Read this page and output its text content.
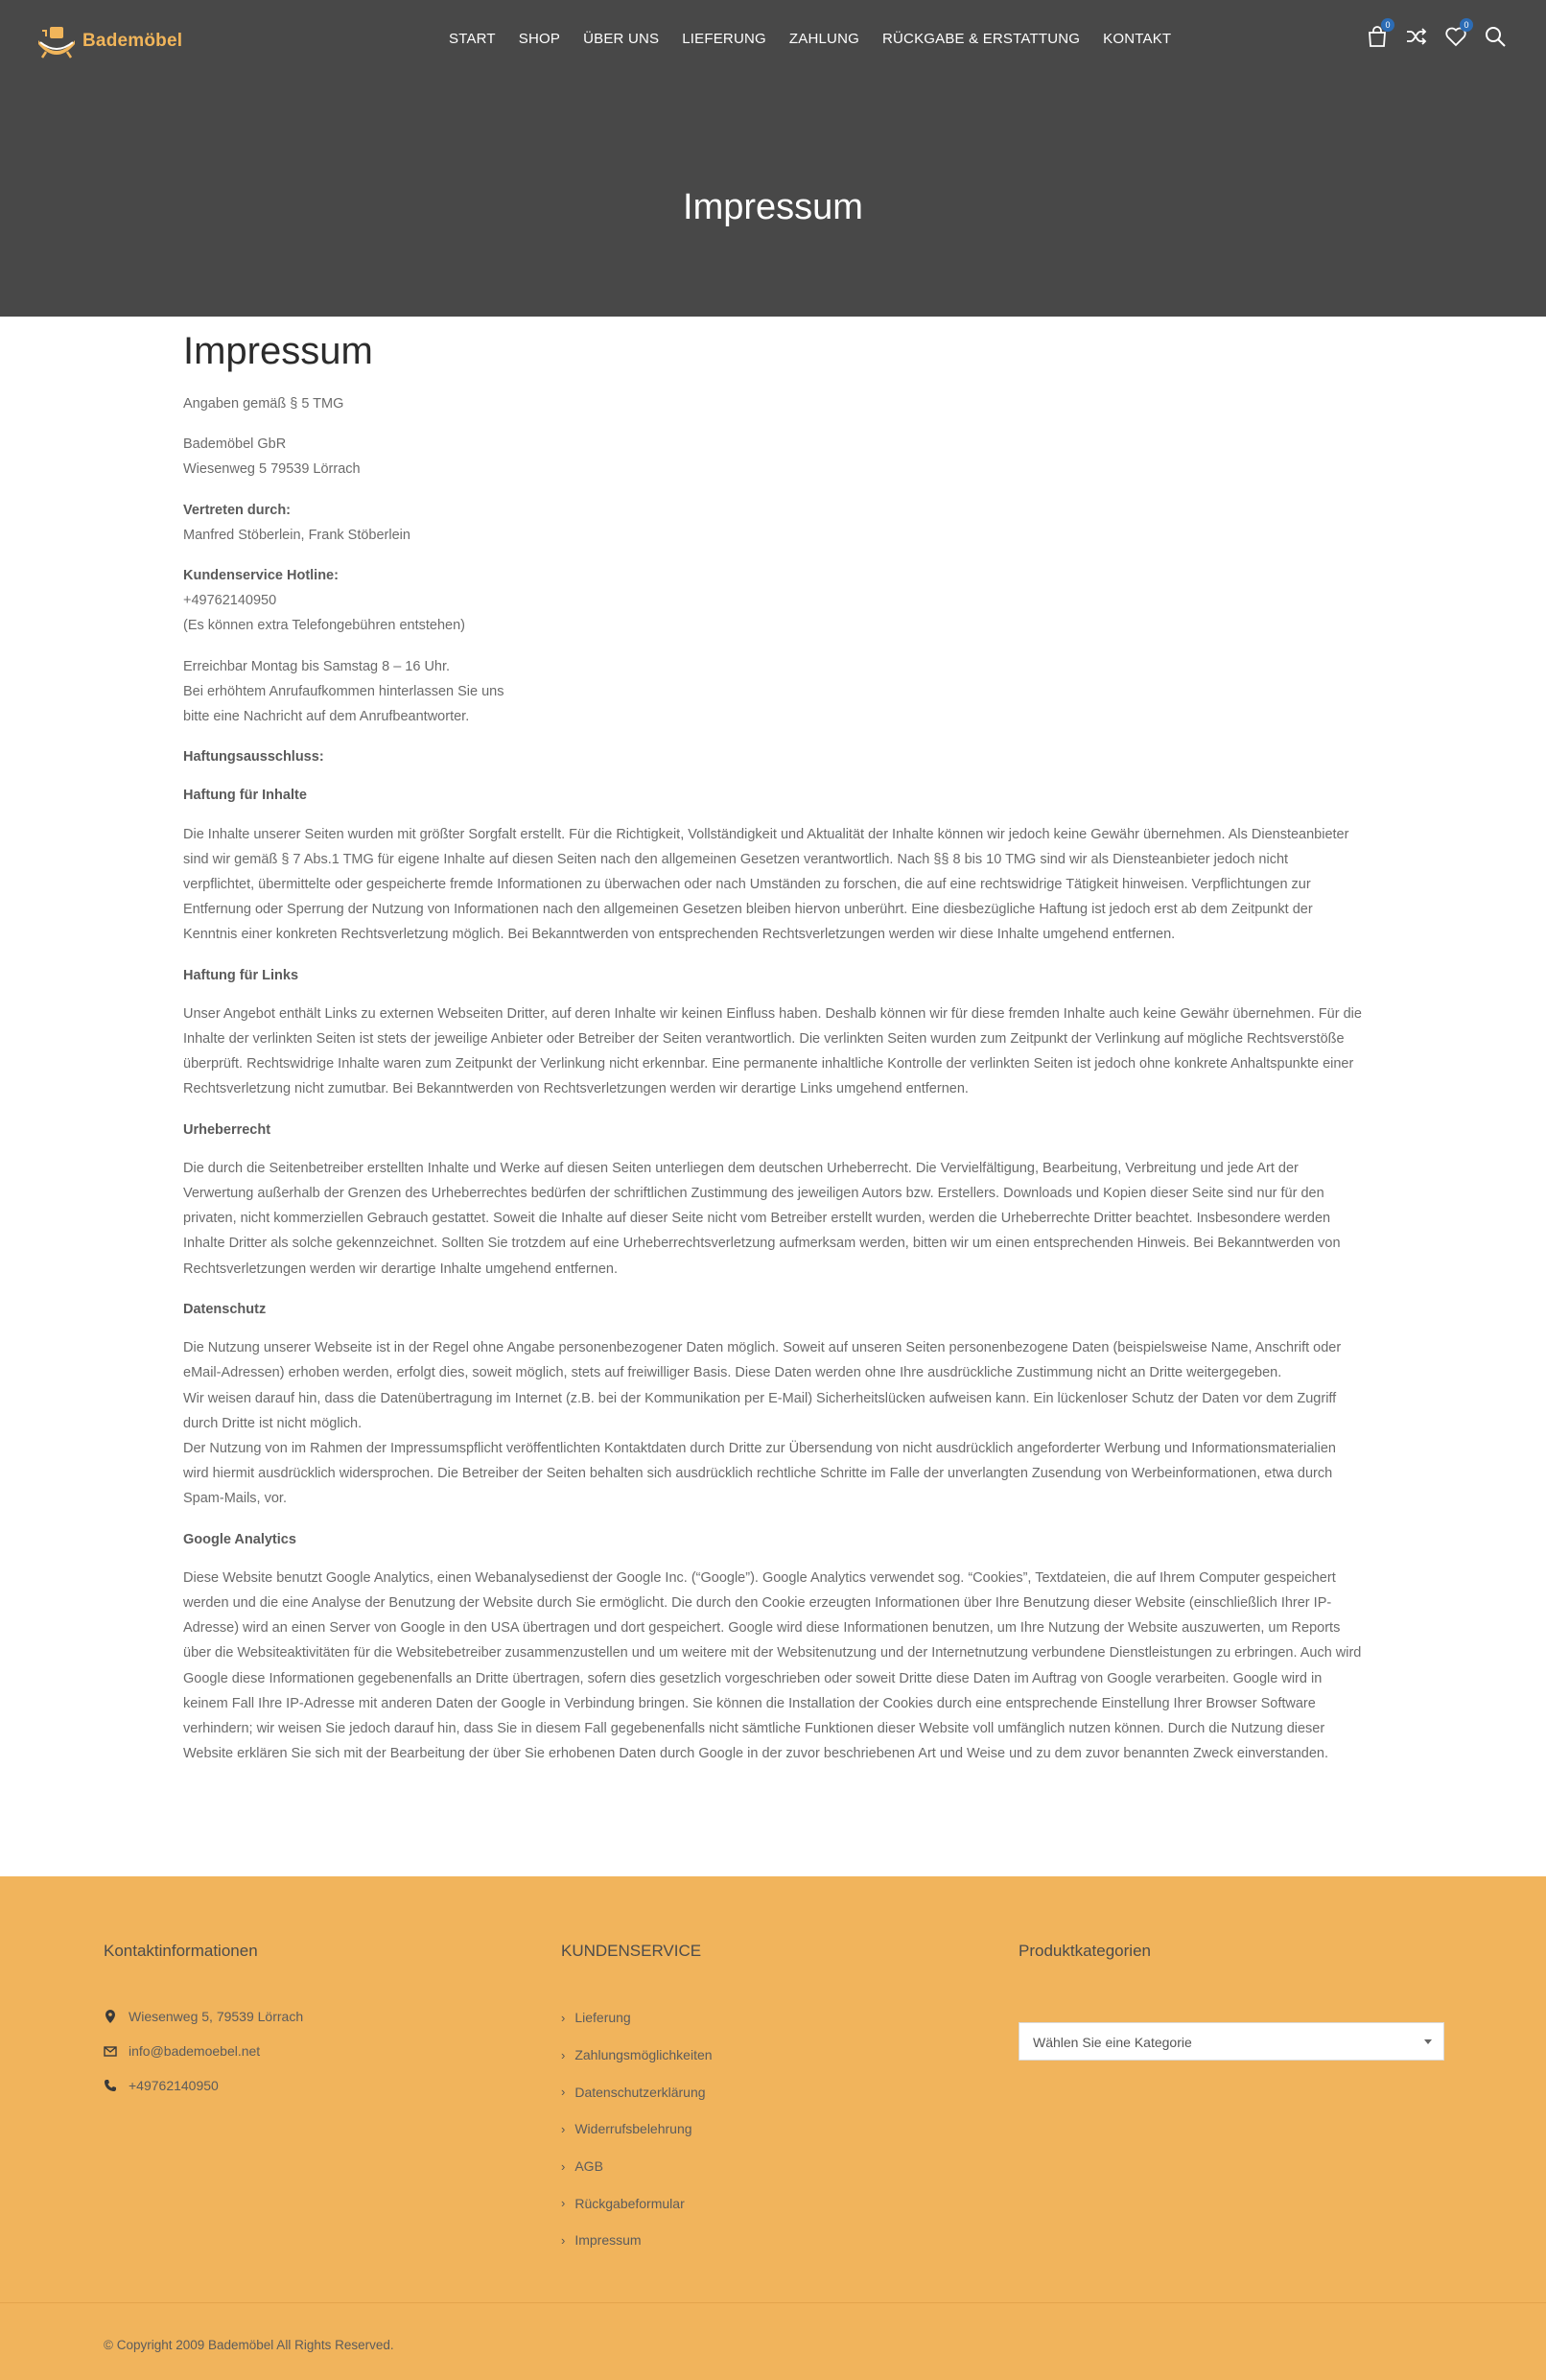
Bademöbel	START SHOP ÜBER UNS LIEFERUNG ZAHLUNG RÜCKGABE & ERSTATTUNG KONTAKT
0	0
Impressum
Impressum

Angaben gemäß § 5 TMG

Bademöbel GbR
Wiesenweg 5 79539 Lörrach

Vertreten durch:
Manfred Stöberlein, Frank Stöberlein

Kundenservice Hotline:
+49762140950
(Es können extra Telefongebühren entstehen)

Erreichbar Montag bis Samstag 8 – 16 Uhr.
Bei erhöhtem Anrufaufkommen hinterlassen Sie uns
bitte eine Nachricht auf dem Anrufbeantworter.

Haftungsausschluss:

Haftung für Inhalte

Die Inhalte unserer Seiten wurden mit größter Sorgfalt erstellt. Für die Richtigkeit, Vollständigkeit und Aktualität der Inhalte können wir jedoch keine Gewähr übernehmen. Als Diensteanbieter sind wir gemäß § 7 Abs.1 TMG für eigene Inhalte auf diesen Seiten nach den allgemeinen Gesetzen verantwortlich. Nach §§ 8 bis 10 TMG sind wir als Diensteanbieter jedoch nicht verpflichtet, übermittelte oder gespeicherte fremde Informationen zu überwachen oder nach Umständen zu forschen, die auf eine rechtswidrige Tätigkeit hinweisen. Verpflichtungen zur Entfernung oder Sperrung der Nutzung von Informationen nach den allgemeinen Gesetzen bleiben hiervon unberührt. Eine diesbezügliche Haftung ist jedoch erst ab dem Zeitpunkt der Kenntnis einer konkreten Rechtsverletzung möglich. Bei Bekanntwerden von entsprechenden Rechtsverletzungen werden wir diese Inhalte umgehend entfernen.

Haftung für Links

Unser Angebot enthält Links zu externen Webseiten Dritter, auf deren Inhalte wir keinen Einfluss haben. Deshalb können wir für diese fremden Inhalte auch keine Gewähr übernehmen. Für die Inhalte der verlinkten Seiten ist stets der jeweilige Anbieter oder Betreiber der Seiten verantwortlich. Die verlinkten Seiten wurden zum Zeitpunkt der Verlinkung auf mögliche Rechtsverstöße überprüft. Rechtswidrige Inhalte waren zum Zeitpunkt der Verlinkung nicht erkennbar. Eine permanente inhaltliche Kontrolle der verlinkten Seiten ist jedoch ohne konkrete Anhaltspunkte einer Rechtsverletzung nicht zumutbar. Bei Bekanntwerden von Rechtsverletzungen werden wir derartige Links umgehend entfernen.

Urheberrecht

Die durch die Seitenbetreiber erstellten Inhalte und Werke auf diesen Seiten unterliegen dem deutschen Urheberrecht. Die Vervielfältigung, Bearbeitung, Verbreitung und jede Art der Verwertung außerhalb der Grenzen des Urheberrechtes bedürfen der schriftlichen Zustimmung des jeweiligen Autors bzw. Erstellers. Downloads und Kopien dieser Seite sind nur für den privaten, nicht kommerziellen Gebrauch gestattet. Soweit die Inhalte auf dieser Seite nicht vom Betreiber erstellt wurden, werden die Urheberrechte Dritter beachtet. Insbesondere werden Inhalte Dritter als solche gekennzeichnet. Sollten Sie trotzdem auf eine Urheberrechtsverletzung aufmerksam werden, bitten wir um einen entsprechenden Hinweis. Bei Bekanntwerden von Rechtsverletzungen werden wir derartige Inhalte umgehend entfernen.

Datenschutz

Die Nutzung unserer Webseite ist in der Regel ohne Angabe personenbezogener Daten möglich. Soweit auf unseren Seiten personenbezogene Daten (beispielsweise Name, Anschrift oder eMail-Adressen) erhoben werden, erfolgt dies, soweit möglich, stets auf freiwilliger Basis. Diese Daten werden ohne Ihre ausdrückliche Zustimmung nicht an Dritte weitergegeben.
Wir weisen darauf hin, dass die Datenübertragung im Internet (z.B. bei der Kommunikation per E-Mail) Sicherheitslücken aufweisen kann. Ein lückenloser Schutz der Daten vor dem Zugriff durch Dritte ist nicht möglich.
Der Nutzung von im Rahmen der Impressumspflicht veröffentlichten Kontaktdaten durch Dritte zur Übersendung von nicht ausdrücklich angeforderter Werbung und Informationsmaterialien wird hiermit ausdrücklich widersprochen. Die Betreiber der Seiten behalten sich ausdrücklich rechtliche Schritte im Falle der unverlangten Zusendung von Werbeinformationen, etwa durch Spam-Mails, vor.

Google Analytics

Diese Website benutzt Google Analytics, einen Webanalysedienst der Google Inc. (“Google”). Google Analytics verwendet sog. “Cookies”, Textdateien, die auf Ihrem Computer gespeichert werden und die eine Analyse der Benutzung der Website durch Sie ermöglicht. Die durch den Cookie erzeugten Informationen über Ihre Benutzung dieser Website (einschließlich Ihrer IP-Adresse) wird an einen Server von Google in den USA übertragen und dort gespeichert. Google wird diese Informationen benutzen, um Ihre Nutzung der Website auszuwerten, um Reports über die Websiteaktivitäten für die Websitebetreiber zusammenzustellen und um weitere mit der Websitenutzung und der Internetnutzung verbundene Dienstleistungen zu erbringen. Auch wird Google diese Informationen gegebenenfalls an Dritte übertragen, sofern dies gesetzlich vorgeschrieben oder soweit Dritte diese Daten im Auftrag von Google verarbeiten. Google wird in keinem Fall Ihre IP-Adresse mit anderen Daten der Google in Verbindung bringen. Sie können die Installation der Cookies durch eine entsprechende Einstellung Ihrer Browser Software verhindern; wir weisen Sie jedoch darauf hin, dass Sie in diesem Fall gegebenenfalls nicht sämtliche Funktionen dieser Website voll umfänglich nutzen können. Durch die Nutzung dieser Website erklären Sie sich mit der Bearbeitung der über Sie erhobenen Daten durch Google in der zuvor beschriebenen Art und Weise und zu dem zuvor benannten Zweck einverstanden.

Kontaktinformationen
Wiesenweg 5, 79539 Lörrach
info@bademoebel.net
+49762140950
KUNDENSERVICE
› Lieferung
› Zahlungsmöglichkeiten
› Datenschutzerklärung
› Widerrufsbelehrung
› AGB
› Rückgabeformular
› Impressum
Produktkategorien
Wählen Sie eine Kategorie
© Copyright 2009 Bademöbel All Rights Reserved.
